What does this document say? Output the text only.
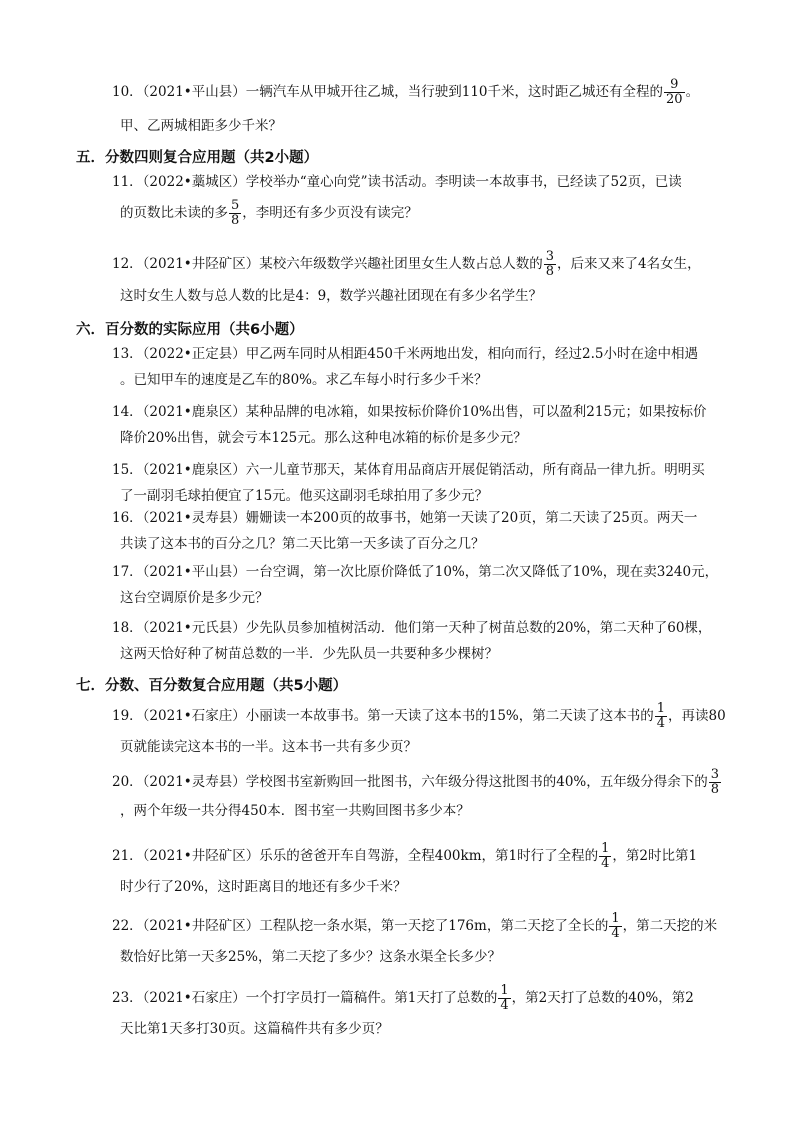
10．（2021•平山县）一辆汽车从甲城开往乙城，当行驶到110千米，这时距乙城还有全程的 $\frac{9}{20}$ 。
甲、乙两城相距多少千米？
五．分数四则复合应用题（共2小题）
11．（2022•藁城区）学校举办“童心向党”读书活动。李明读一本故事书，已经读了52页，已读
的页数比未读的多 $\frac{5}{8}$ ，李明还有多少页没有读完？
12．（2021•井陉矿区）某校六年级数学兴趣社团里女生人数占总人数的 $\frac{3}{8}$ ，后来又来了4名女生，
这时女生人数与总人数的比是4：9，数学兴趣社团现在有多少名学生？
六．百分数的实际应用（共6小题）
13．（2022•正定县）甲乙两车同时从相距450千米两地出发，相向而行，经过2.5小时在途中相遇
。已知甲车的速度是乙车的80%。求乙车每小时行多少千米？
14．（2021•鹿泉区）某种品牌的电冰箱，如果按标价降价10%出售，可以盈利215元；如果按标价
降价20%出售，就会亏本125元。那么这种电冰箱的标价是多少元？
15．（2021•鹿泉区）六一儿童节那天，某体育用品商店开展促销活动，所有商品一律九折。明明买
了一副羽毛球拍便宜了15元。他买这副羽毛球拍用了多少元？
16．（2021•灵寿县）姗姗读一本200页的故事书，她第一天读了20页，第二天读了25页。两天一
共读了这本书的百分之几？第二天比第一天多读了百分之几？
17．（2021•平山县）一台空调，第一次比原价降低了10%，第二次又降低了10%，现在卖3240元，
这台空调原价是多少元？
18．（2021•元氏县）少先队员参加植树活动．他们第一天种了树苗总数的20%，第二天种了60棵，
这两天恰好种了树苗总数的一半．少先队员一共要种多少棵树？
七．分数、百分数复合应用题（共5小题）
19．（2021•石家庄）小丽读一本故事书。第一天读了这本书的15%，第二天读了这本书的 $\frac{1}{4}$ ，再读80
页就能读完这本书的一半。这本书一共有多少页？
20．（2021•灵寿县）学校图书室新购回一批图书，六年级分得这批图书的40%，五年级分得余下的 $\frac{3}{8}$
，两个年级一共分得450本．图书室一共购回图书多少本？
21．（2021•井陉矿区）乐乐的爸爸开车自驾游，全程400km，第1时行了全程的 $\frac{1}{4}$ ，第2时比第1
时少行了20%，这时距离目的地还有多少千米？
22．（2021•井陉矿区）工程队挖一条水渠，第一天挖了176m，第二天挖了全长的 $\frac{1}{4}$ ，第二天挖的米
数恰好比第一天多25%，第二天挖了多少？这条水渠全长多少？
23．（2021•石家庄）一个打字员打一篇稿件。第1天打了总数的 $\frac{1}{4}$ ，第2天打了总数的40%，第2
天比第1天多打30页。这篇稿件共有多少页？
